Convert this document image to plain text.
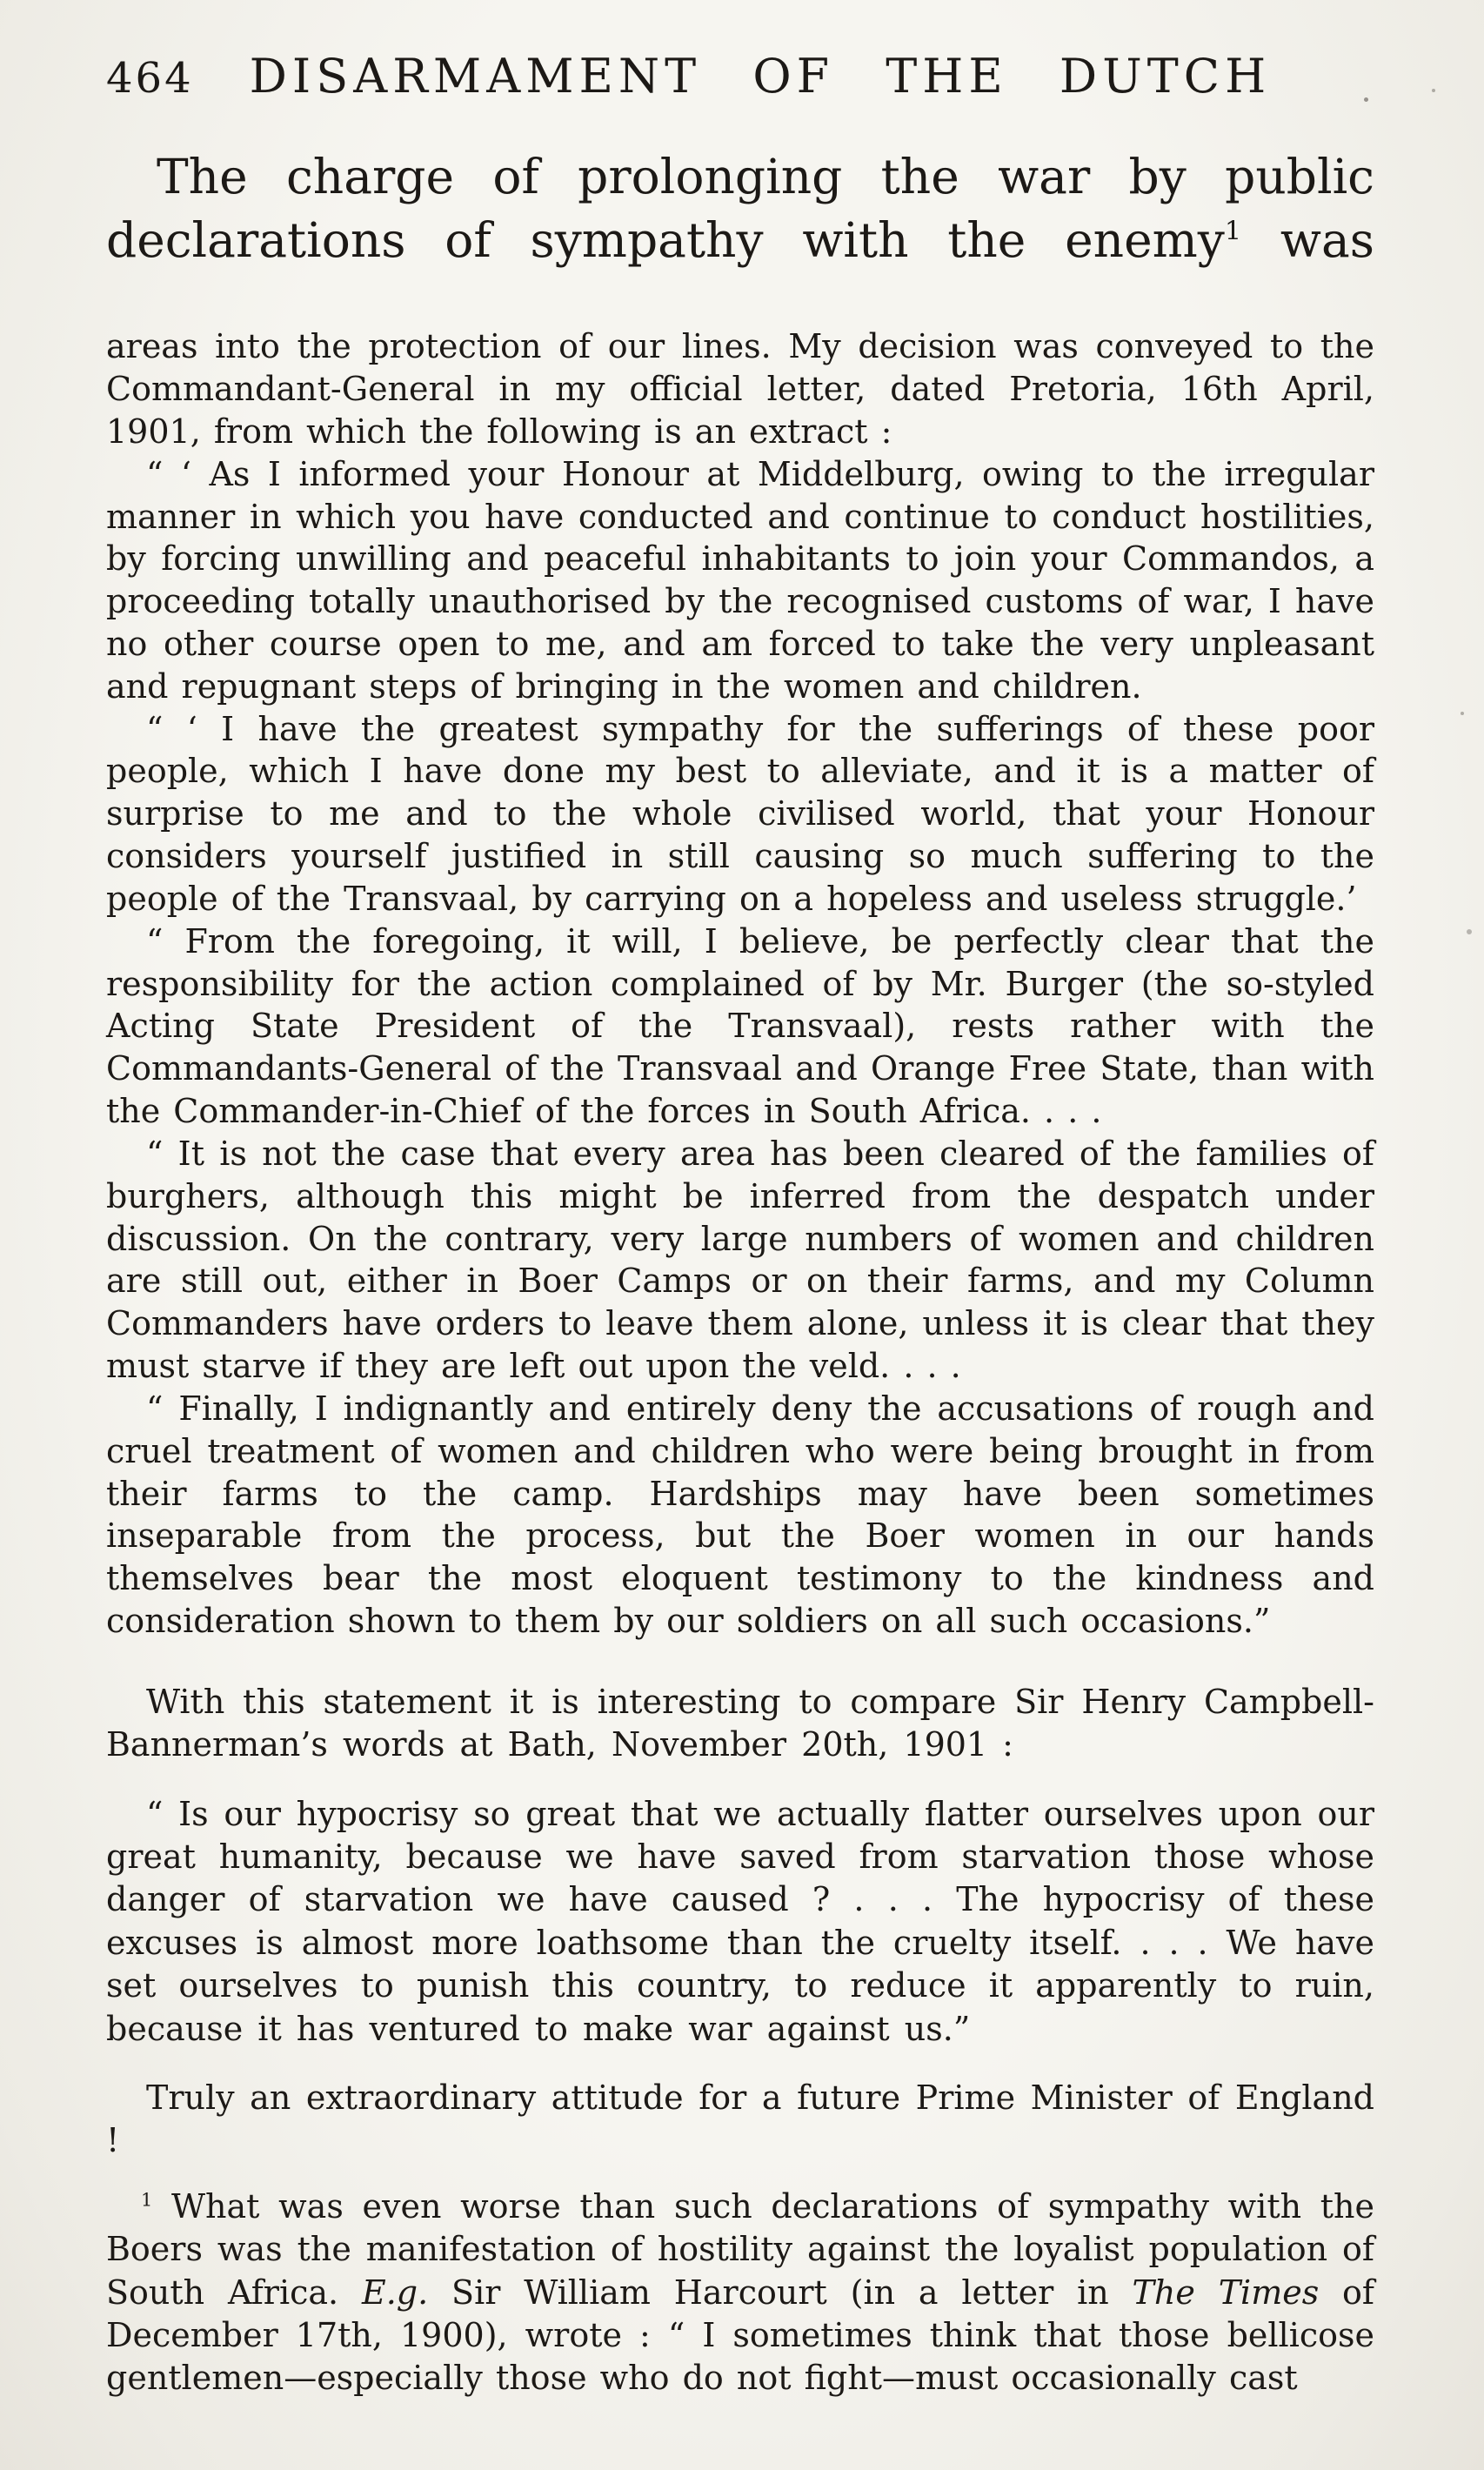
464 DISARMAMENT OF THE DUTCH

The charge of prolonging the war by public declarations of sympathy with the enemy$^1$ was

areas into the protection of our lines. My decision was conveyed to the Commandant-General in my official letter, dated Pretoria, 16th April, 1901, from which the following is an extract :

“ ‘ As I informed your Honour at Middelburg, owing to the irregular manner in which you have conducted and continue to conduct hostilities, by forcing unwilling and peaceful inhabitants to join your Commandos, a proceeding totally unauthorised by the recognised customs of war, I have no other course open to me, and am forced to take the very unpleasant and repugnant steps of bringing in the women and children.

“ ‘ I have the greatest sympathy for the sufferings of these poor people, which I have done my best to alleviate, and it is a matter of surprise to me and to the whole civilised world, that your Honour considers yourself justified in still causing so much suffering to the people of the Transvaal, by carrying on a hopeless and useless struggle.’

“ From the foregoing, it will, I believe, be perfectly clear that the responsibility for the action complained of by Mr. Burger (the so-styled Acting State President of the Transvaal), rests rather with the Commandants-General of the Transvaal and Orange Free State, than with the Commander-in-Chief of the forces in South Africa. . . .

“ It is not the case that every area has been cleared of the families of burghers, although this might be inferred from the despatch under discussion. On the contrary, very large numbers of women and children are still out, either in Boer Camps or on their farms, and my Column Commanders have orders to leave them alone, unless it is clear that they must starve if they are left out upon the veld. . . .

“ Finally, I indignantly and entirely deny the accusations of rough and cruel treatment of women and children who were being brought in from their farms to the camp. Hardships may have been sometimes inseparable from the process, but the Boer women in our hands themselves bear the most eloquent testimony to the kindness and consideration shown to them by our soldiers on all such occasions.”

With this statement it is interesting to compare Sir Henry Campbell-Bannerman’s words at Bath, November 20th, 1901 :

“ Is our hypocrisy so great that we actually flatter ourselves upon our great humanity, because we have saved from starvation those whose danger of starvation we have caused ? . . . The hypocrisy of these excuses is almost more loathsome than the cruelty itself. . . . We have set ourselves to punish this country, to reduce it apparently to ruin, because it has ventured to make war against us.”

Truly an extraordinary attitude for a future Prime Minister of England !

$^1$ What was even worse than such declarations of sympathy with the Boers was the manifestation of hostility against the loyalist population of South Africa. E.g. Sir William Harcourt (in a letter in The Times of December 17th, 1900), wrote : “ I sometimes think that those bellicose gentlemen—especially those who do not fight—must occasionally cast
